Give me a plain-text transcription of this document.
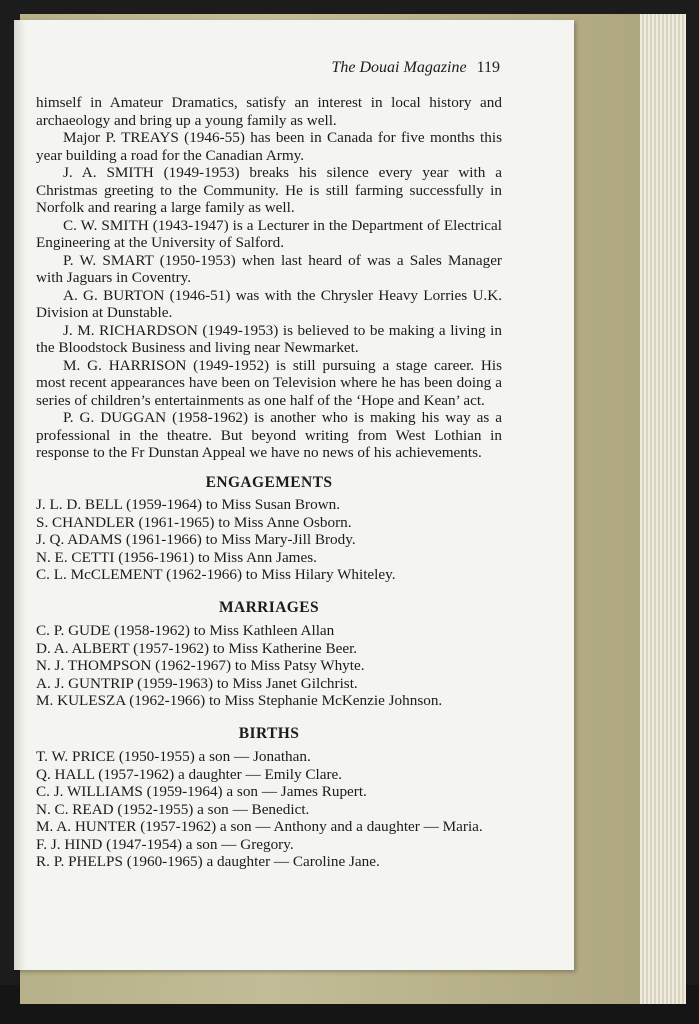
The Douai Magazine 119

himself in Amateur Dramatics, satisfy an interest in local history and archaeology and bring up a young family as well.

Major P. TREAYS (1946-55) has been in Canada for five months this year building a road for the Canadian Army.

J. A. SMITH (1949-1953) breaks his silence every year with a Christmas greeting to the Community. He is still farming successfully in Norfolk and rearing a large family as well.

C. W. SMITH (1943-1947) is a Lecturer in the Department of Electrical Engineering at the University of Salford.

P. W. SMART (1950-1953) when last heard of was a Sales Manager with Jaguars in Coventry.

A. G. BURTON (1946-51) was with the Chrysler Heavy Lorries U.K. Division at Dunstable.

J. M. RICHARDSON (1949-1953) is believed to be making a living in the Bloodstock Business and living near Newmarket.

M. G. HARRISON (1949-1952) is still pursuing a stage career. His most recent appearances have been on Television where he has been doing a series of children’s entertainments as one half of the ‘Hope and Kean’ act.

P. G. DUGGAN (1958-1962) is another who is making his way as a professional in the theatre. But beyond writing from West Lothian in response to the Fr Dunstan Appeal we have no news of his achievements.

ENGAGEMENTS
J. L. D. BELL (1959-1964) to Miss Susan Brown.
S. CHANDLER (1961-1965) to Miss Anne Osborn.
J. Q. ADAMS (1961-1966) to Miss Mary-Jill Brody.
N. E. CETTI (1956-1961) to Miss Ann James.
C. L. McCLEMENT (1962-1966) to Miss Hilary Whiteley.
MARRIAGES
C. P. GUDE (1958-1962) to Miss Kathleen Allan
D. A. ALBERT (1957-1962) to Miss Katherine Beer.
N. J. THOMPSON (1962-1967) to Miss Patsy Whyte.
A. J. GUNTRIP (1959-1963) to Miss Janet Gilchrist.
M. KULESZA (1962-1966) to Miss Stephanie McKenzie Johnson.
BIRTHS
T. W. PRICE (1950-1955) a son — Jonathan.
Q. HALL (1957-1962) a daughter — Emily Clare.
C. J. WILLIAMS (1959-1964) a son — James Rupert.
N. C. READ (1952-1955) a son — Benedict.
M. A. HUNTER (1957-1962) a son — Anthony and a daughter — Maria.
F. J. HIND (1947-1954) a son — Gregory.
R. P. PHELPS (1960-1965) a daughter — Caroline Jane.
